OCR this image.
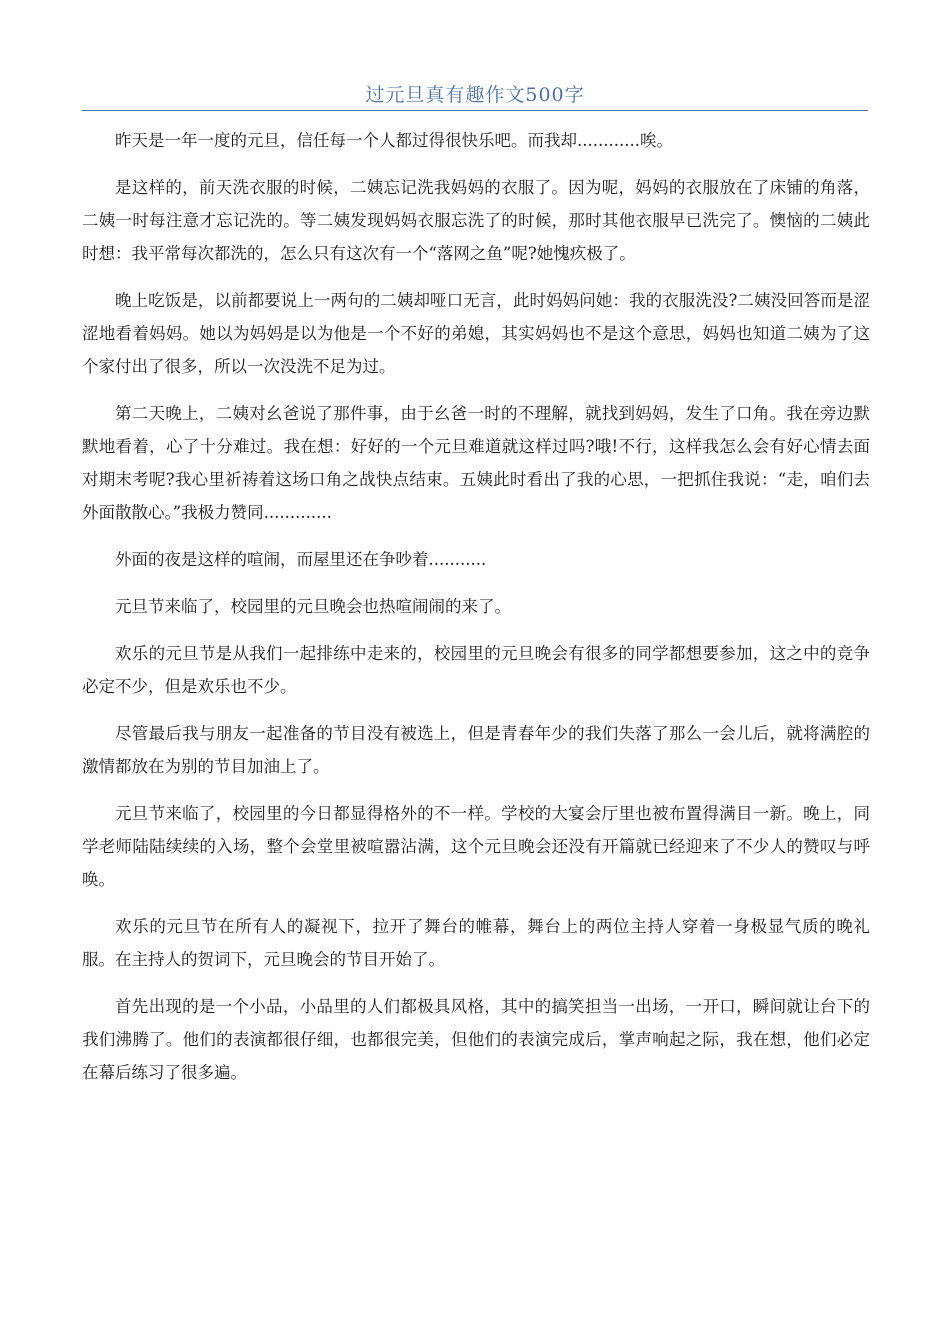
过元旦真有趣作文500字

昨天是一年一度的元旦，信任每一个人都过得很快乐吧。而我却............唉。

是这样的，前天洗衣服的时候，二姨忘记洗我妈妈的衣服了。因为呢，妈妈的衣服放在了床铺的角落，二姨一时每注意才忘记洗的。等二姨发现妈妈衣服忘洗了的时候，那时其他衣服早已洗完了。懊恼的二姨此时想：我平常每次都洗的，怎么只有这次有一个“落网之鱼”呢?她愧疚极了。

晚上吃饭是，以前都要说上一两句的二姨却哑口无言，此时妈妈问她：我的衣服洗没?二姨没回答而是涩涩地看着妈妈。她以为妈妈是以为他是一个不好的弟媳，其实妈妈也不是这个意思，妈妈也知道二姨为了这个家付出了很多，所以一次没洗不足为过。

第二天晚上，二姨对幺爸说了那件事，由于幺爸一时的不理解，就找到妈妈，发生了口角。我在旁边默默地看着，心了十分难过。我在想：好好的一个元旦难道就这样过吗?哦!不行，这样我怎么会有好心情去面对期末考呢?我心里祈祷着这场口角之战快点结束。五姨此时看出了我的心思，一把抓住我说：“走，咱们去外面散散心。”我极力赞同.............

外面的夜是这样的喧闹，而屋里还在争吵着...........

元旦节来临了，校园里的元旦晚会也热喧闹闹的来了。

欢乐的元旦节是从我们一起排练中走来的，校园里的元旦晚会有很多的同学都想要参加，这之中的竞争必定不少，但是欢乐也不少。

尽管最后我与朋友一起准备的节目没有被选上，但是青春年少的我们失落了那么一会儿后，就将满腔的激情都放在为别的节目加油上了。

元旦节来临了，校园里的今日都显得格外的不一样。学校的大宴会厅里也被布置得满目一新。晚上，同学老师陆陆续续的入场，整个会堂里被喧嚣沾满，这个元旦晚会还没有开篇就已经迎来了不少人的赞叹与呼唤。

欢乐的元旦节在所有人的凝视下，拉开了舞台的帷幕，舞台上的两位主持人穿着一身极显气质的晚礼服。在主持人的贺词下，元旦晚会的节目开始了。

首先出现的是一个小品，小品里的人们都极具风格，其中的搞笑担当一出场，一开口，瞬间就让台下的我们沸腾了。他们的表演都很仔细，也都很完美，但他们的表演完成后，掌声响起之际，我在想，他们必定在幕后练习了很多遍。
